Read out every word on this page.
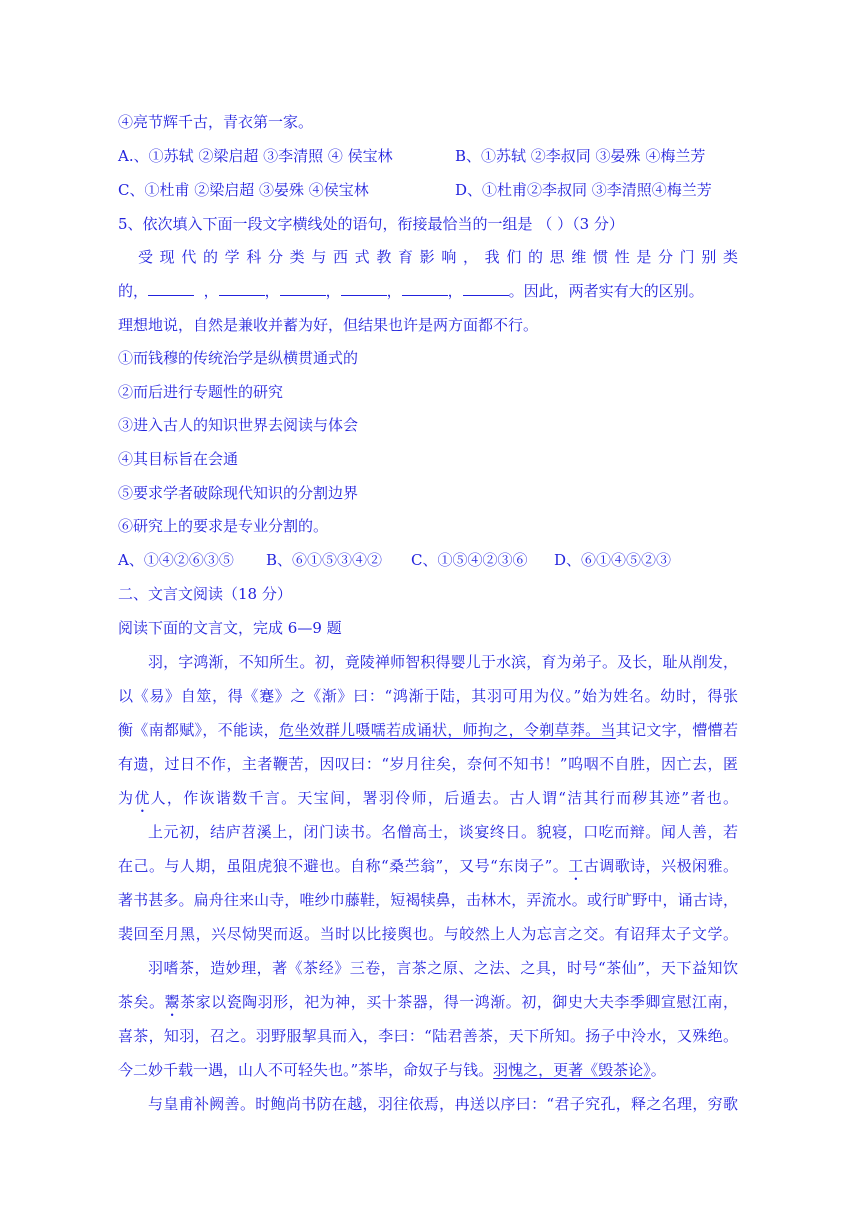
④亮节辉千古，青衣第一家。
A.、①苏轼 ②梁启超 ③李清照 ④ 侯宝林	B、①苏轼 ②李叔同 ③晏殊 ④梅兰芳
C、①杜甫 ②梁启超 ③晏殊 ④侯宝林	D、①杜甫②李叔同 ③李清照④梅兰芳
5、依次填入下面一段文字横线处的语句，衔接最恰当的一组是 （ ）（3 分）
受现代的学科分类与西式教育影响，我们的思维惯性是分门别类
的，	，	，	，	，	，	。因此，两者实有大的区别。
理想地说，自然是兼收并蓄为好，但结果也许是两方面都不行。
①而钱穆的传统治学是纵横贯通式的
②而后进行专题性的研究
③进入古人的知识世界去阅读与体会
④其目标旨在会通
⑤要求学者破除现代知识的分割边界
⑥研究上的要求是专业分割的。
A、①④②⑥③⑤ B、⑥①⑤③④② C、①⑤④②③⑥ D、⑥①④⑤②③
二、文言文阅读（18 分）
阅读下面的文言文，完成 6—9 题
羽，字鸿渐，不知所生。初，竟陵禅师智积得婴儿于水滨，育为弟子。及长，耻从削发，
以《易》自筮，得《蹇》之《渐》曰：“鸿渐于陆，其羽可用为仪。”始为姓名。幼时，得张
衡《南都赋》，不能读，危坐效群儿嗫嚅若成诵状，师拘之，令剃草莽。当其记文字，懵懵若
有遗，过日不作，主者鞭苦，因叹曰：“岁月往矣，奈何不知书！”呜咽不自胜，因亡去，匿
为优人，作诙谐数千言。天宝间，署羽伶师，后遁去。古人谓“洁其行而秽其迹”者也。
上元初，结庐苕溪上，闭门读书。名僧高士，谈宴终日。貌寝，口吃而辩。闻人善，若
在己。与人期，虽阻虎狼不避也。自称“桑苎翁”，又号“东岗子”。工古调歌诗，兴极闲雅。
著书甚多。扁舟往来山寺，唯纱巾藤鞋，短褐犊鼻，击林木，弄流水。或行旷野中，诵古诗，
裴回至月黑，兴尽恸哭而返。当时以比接舆也。与皎然上人为忘言之交。有诏拜太子文学。
羽嗜茶，造妙理，著《茶经》三卷，言茶之原、之法、之具，时号“茶仙”，天下益知饮
茶矣。鬻茶家以瓷陶羽形，祀为神，买十茶器，得一鸿渐。初，御史大夫李季卿宣慰江南，
喜茶，知羽，召之。羽野服挈具而入，李曰：“陆君善茶，天下所知。扬子中泠水，又殊绝。
今二妙千载一遇，山人不可轻失也。”茶毕，命奴子与钱。羽愧之，更著《毁茶论》。
与皇甫补阙善。时鲍尚书防在越，羽往依焉，冉送以序曰：“君子究孔，释之名理，穷歌
